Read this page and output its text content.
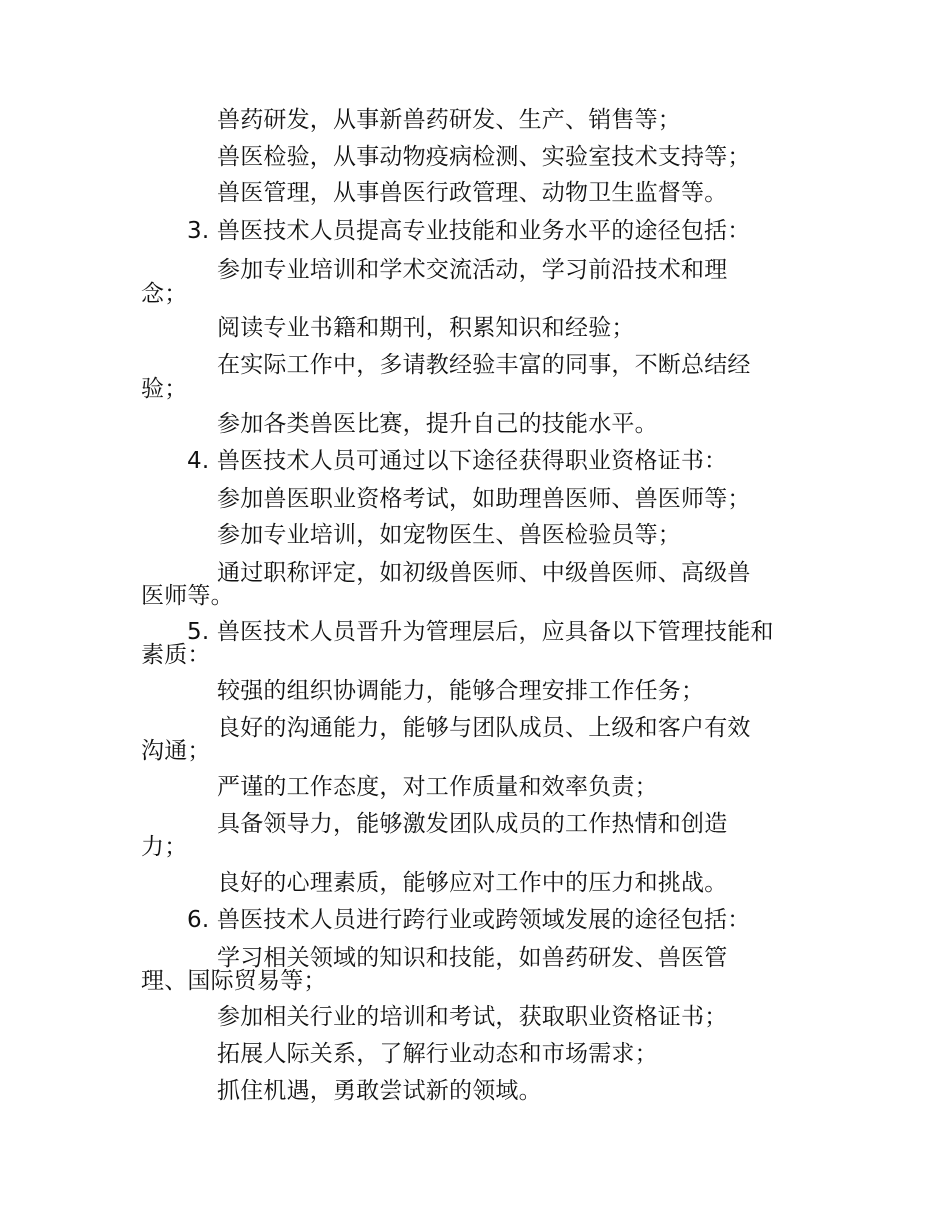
兽药研发，从事新兽药研发、生产、销售等；
兽医检验，从事动物疫病检测、实验室技术支持等；
兽医管理，从事兽医行政管理、动物卫生监督等。
3. 兽医技术人员提高专业技能和业务水平的途径包括：
参加专业培训和学术交流活动，学习前沿技术和理
念；
阅读专业书籍和期刊，积累知识和经验；
在实际工作中，多请教经验丰富的同事，不断总结经
验；
参加各类兽医比赛，提升自己的技能水平。
4. 兽医技术人员可通过以下途径获得职业资格证书：
参加兽医职业资格考试，如助理兽医师、兽医师等；
参加专业培训，如宠物医生、兽医检验员等；
通过职称评定，如初级兽医师、中级兽医师、高级兽
医师等。
5. 兽医技术人员晋升为管理层后，应具备以下管理技能和
素质：
较强的组织协调能力，能够合理安排工作任务；
良好的沟通能力，能够与团队成员、上级和客户有效
沟通；
严谨的工作态度，对工作质量和效率负责；
具备领导力，能够激发团队成员的工作热情和创造
力；
良好的心理素质，能够应对工作中的压力和挑战。
6. 兽医技术人员进行跨行业或跨领域发展的途径包括：
学习相关领域的知识和技能，如兽药研发、兽医管
理、国际贸易等；
参加相关行业的培训和考试，获取职业资格证书；
拓展人际关系，了解行业动态和市场需求；
抓住机遇，勇敢尝试新的领域。
